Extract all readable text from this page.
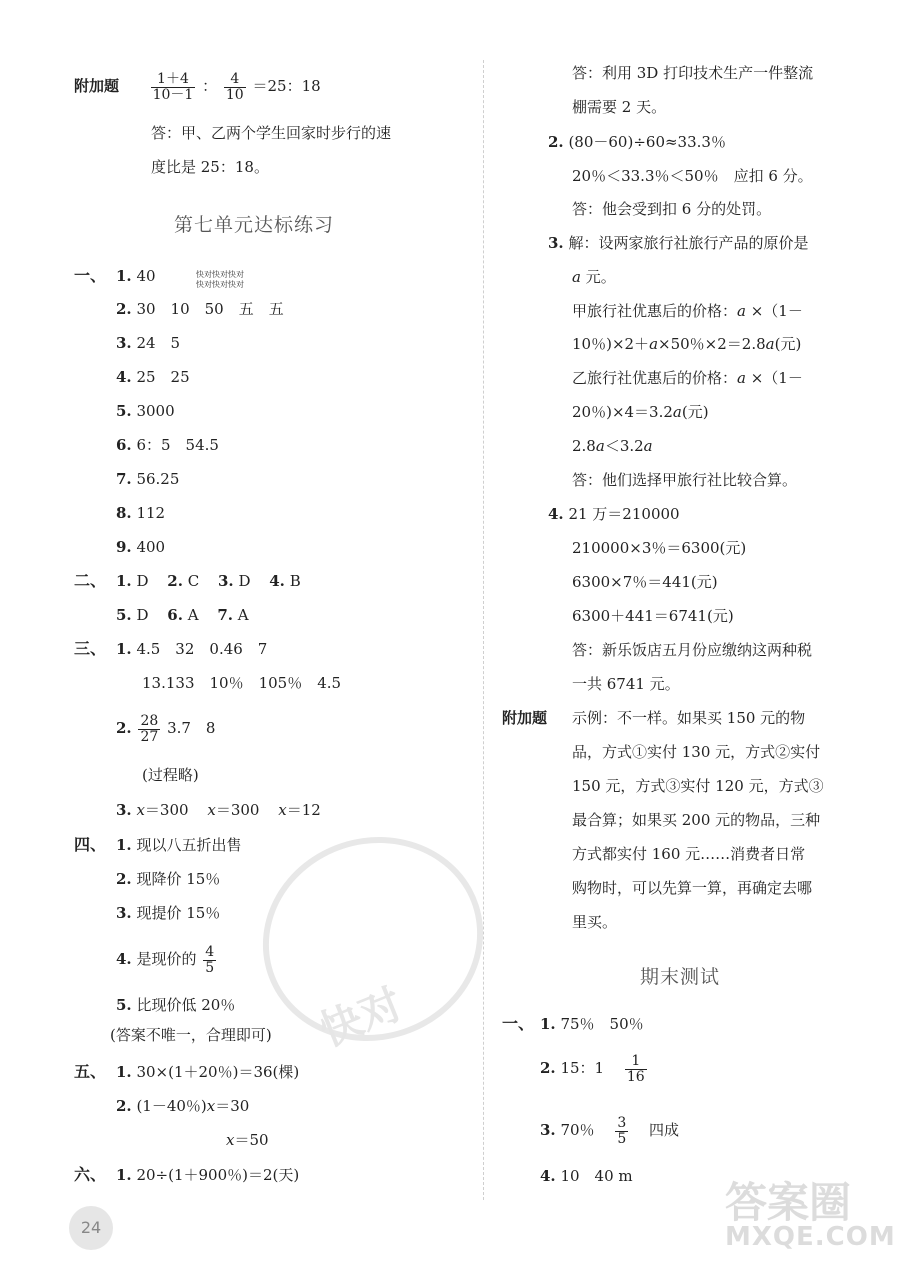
快对
答案圈
MXQE.COM
附加题 $\frac{1+4}{10-1}$ ： $\frac{4}{10} =25$：18
答：甲、乙两个学生回家时步行的速
度比是 25：18。
第七单元达标练习
一、 1. 40	快对快对快对
快对快对快对
2. 30　10　50　五　五
3. 24　5
4. 25　25
5. 3000
6. 6：5　54.5
7. 56.25
8. 112
9. 400
二、 1. D 2. C 3. D 4. B
5. D 6. A 7. A
三、 1. 4.5　32　0.46　7
13.133　10％　105％　4.5
2. $\frac{28}{27} 3.7$　8
(过程略)
3. x＝300 x＝300 x＝12
四、 1. 现以八五折出售
2. 现降价 15％
3. 现提价 15％
4. 是现价的 $\frac{4}{5}$
5. 比现价低 20％
(答案不唯一，合理即可)
五、 1. 30×(1＋20％)＝36(棵)
2. (1－40％)x＝30
x＝50
六、 1. 20÷(1＋900％)＝2(天)
答：利用 3D 打印技术生产一件整流
棚需要 2 天。
2. (80－60)÷60≈33.3％
20％＜33.3％＜50％　应扣 6 分。
答：他会受到扣 6 分的处罚。
3. 解：设两家旅行社旅行产品的原价是
a 元。
甲旅行社优惠后的价格：a ×（1－
10％)×2＋a×50％×2＝2.8a(元)
乙旅行社优惠后的价格：a ×（1－
20％)×4＝3.2a(元)
2.8a＜3.2a
答：他们选择甲旅行社比较合算。
4. 21 万＝210000
210000×3％＝6300(元)
6300×7％＝441(元)
6300＋441＝6741(元)
答：新乐饭店五月份应缴纳这两种税
一共 6741 元。
附加题 示例：不一样。如果买 150 元的物
品，方式①实付 130 元，方式②实付
150 元，方式③实付 120 元，方式③
最合算；如果买 200 元的物品，三种
方式都实付 160 元……消费者日常
购物时，可以先算一算，再确定去哪
里买。
期末测试
一、 1. 75％　50％
2. 15：$1 \frac{1}{16}$
3. 70％ $\frac{3}{5}$ 四成
4. 10　40 m
24
